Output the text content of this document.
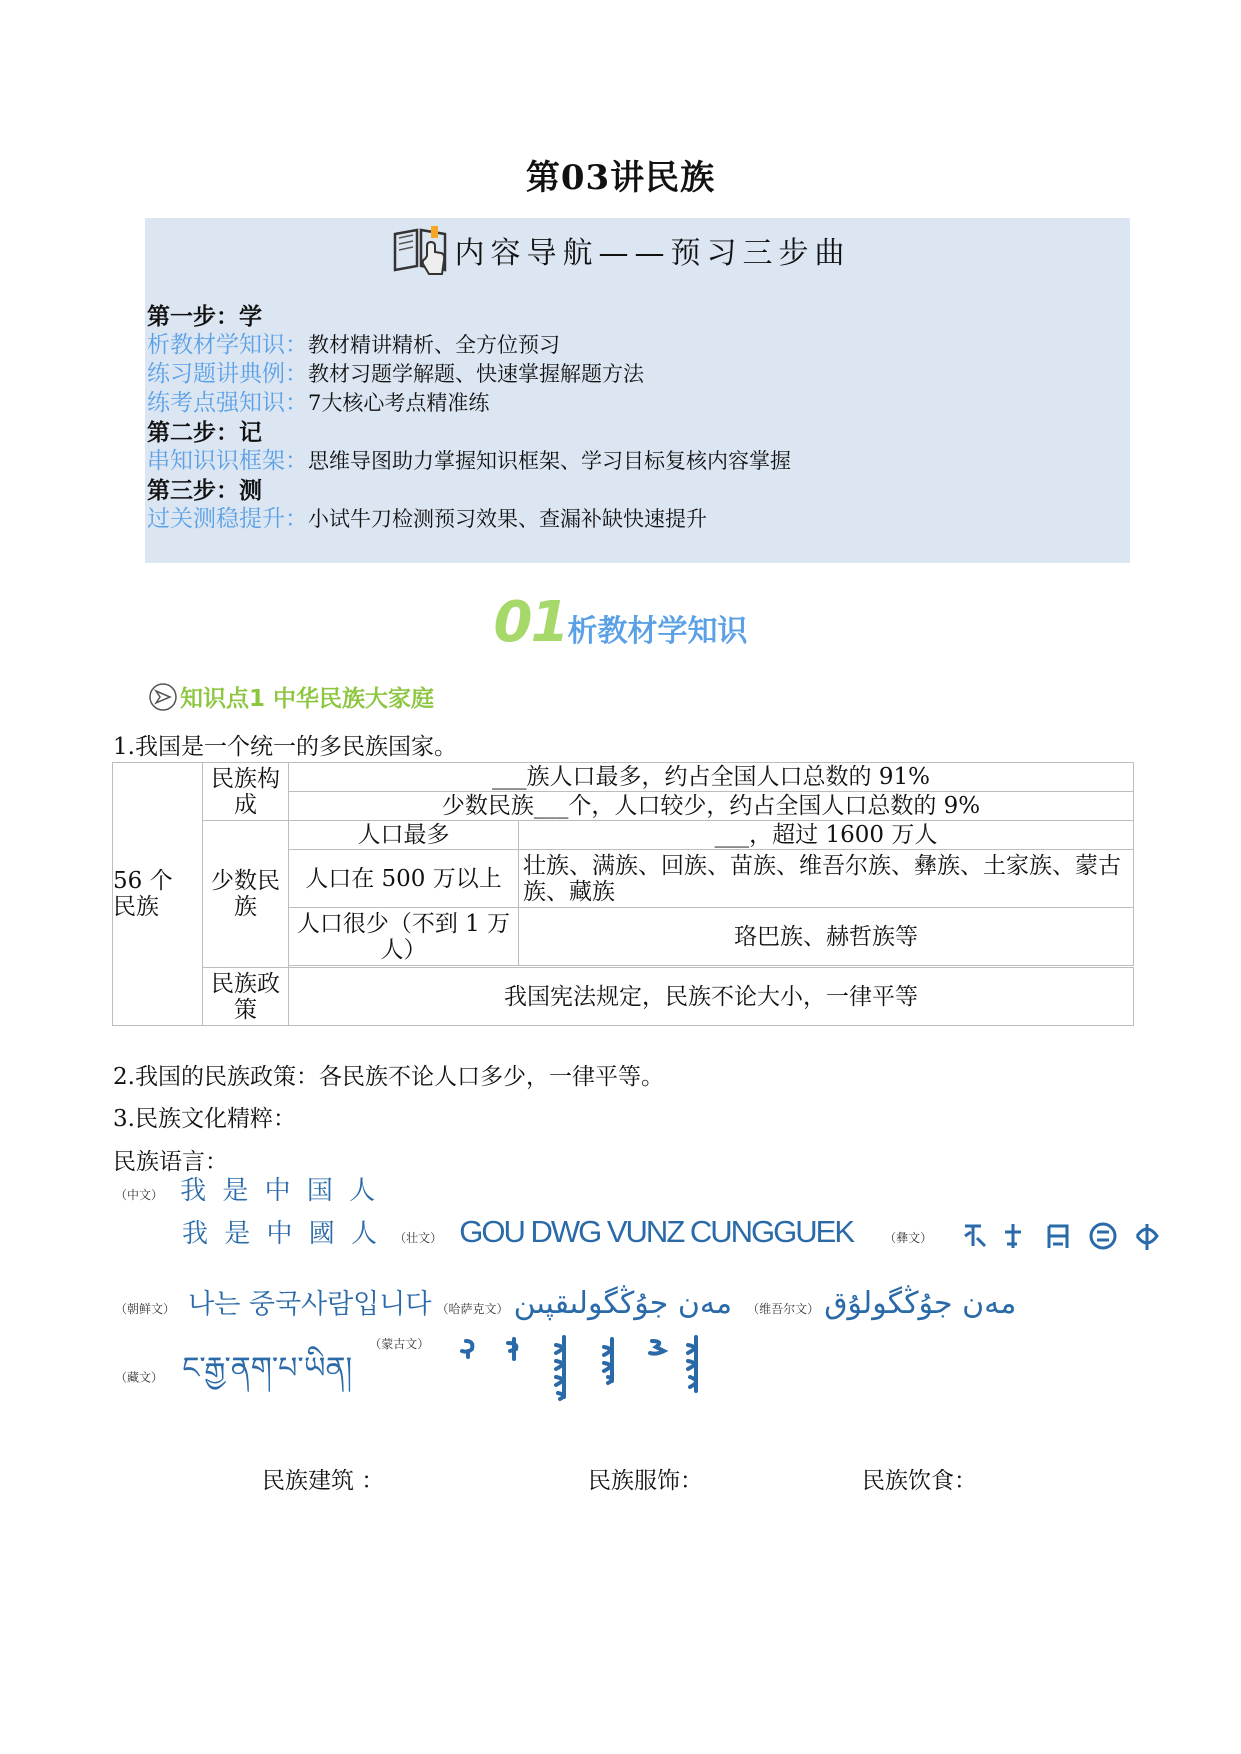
第03讲民族
内容导航——预习三步曲
第一步：学
析教材学知识：教材精讲精析、全方位预习
练习题讲典例：教材习题学解题、快速掌握解题方法
练考点强知识：7大核心考点精准练
第二步：记
串知识识框架：思维导图助力掌握知识框架、学习目标复核内容掌握
第三步：测
过关测稳提升：小试牛刀检测预习效果、查漏补缺快速提升
01析教材学知识
知识点1 中华民族大家庭
1.我国是一个统一的多民族国家。
56 个 民族	民族构成	___族人口最多，约占全国人口总数的 91%	
		少数民族___个，人口较少，约占全国人口总数的 9%	
	少数民族	人口最多	___，超过 1600 万人
		人口在 500 万以上	壮族、满族、回族、苗族、维吾尔族、彝族、土家族、蒙古族、藏族
		人口很少（不到 1 万人）	珞巴族、赫哲族等

	民族政策	我国宪法规定，民族不论大小，一律平等	
2.我国的民族政策：各民族不论人口多少，一律平等。
3.民族文化精粹：
民族语言：
（中文） 我 是 中 国 人
我 是 中 國 人 （壮文） GOU DWG VUNZ CUNGGUEK	（彝文）
（朝鲜文） 나는 중국사람입니다 （哈萨克文） مەن جوُڭگولىقپىن （维吾尔文） مەن جوُڭگولۇق
（藏文） ང་རྒྱ་ནག་པ་ཡིན། $^{(蒙古文)}$
民族建筑 ：	民族服饰：	民族饮食：
